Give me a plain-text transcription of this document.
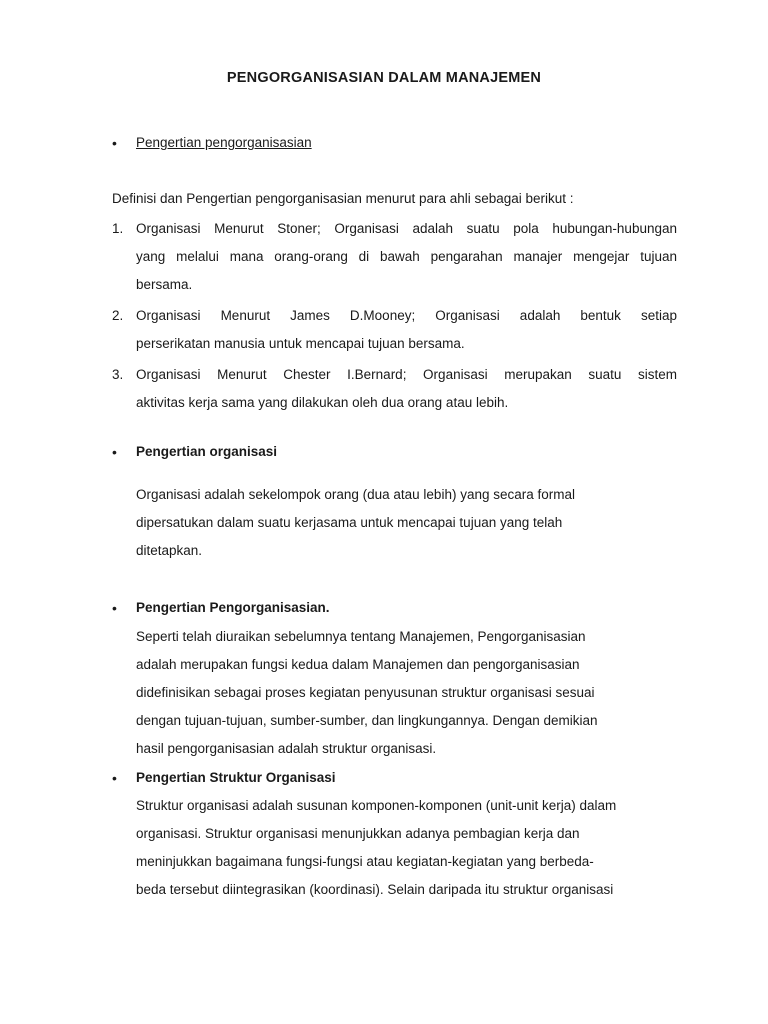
PENGORGANISASIAN DALAM MANAJEMEN
• Pengertian pengorganisasian
Definisi dan Pengertian pengorganisasian menurut para ahli sebagai berikut :
1. Organisasi Menurut Stoner; Organisasi adalah suatu pola hubungan-hubungan
yang melalui mana orang-orang di bawah pengarahan manajer mengejar tujuan
bersama.
2. Organisasi Menurut James D.Mooney; Organisasi adalah bentuk setiap
perserikatan manusia untuk mencapai tujuan bersama.
3. Organisasi Menurut Chester I.Bernard; Organisasi merupakan suatu sistem
aktivitas kerja sama yang dilakukan oleh dua orang atau lebih.
• Pengertian organisasi
Organisasi adalah sekelompok orang (dua atau lebih) yang secara formal
dipersatukan dalam suatu kerjasama untuk mencapai tujuan yang telah
ditetapkan.
• Pengertian Pengorganisasian.
Seperti telah diuraikan sebelumnya tentang Manajemen, Pengorganisasian
adalah merupakan fungsi kedua dalam Manajemen dan pengorganisasian
didefinisikan sebagai proses kegiatan penyusunan struktur organisasi sesuai
dengan tujuan-tujuan, sumber-sumber, dan lingkungannya. Dengan demikian
hasil pengorganisasian adalah struktur organisasi.
• Pengertian Struktur Organisasi
Struktur organisasi adalah susunan komponen-komponen (unit-unit kerja) dalam
organisasi. Struktur organisasi menunjukkan adanya pembagian kerja dan
meninjukkan bagaimana fungsi-fungsi atau kegiatan-kegiatan yang berbeda-
beda tersebut diintegrasikan (koordinasi). Selain daripada itu struktur organisasi
